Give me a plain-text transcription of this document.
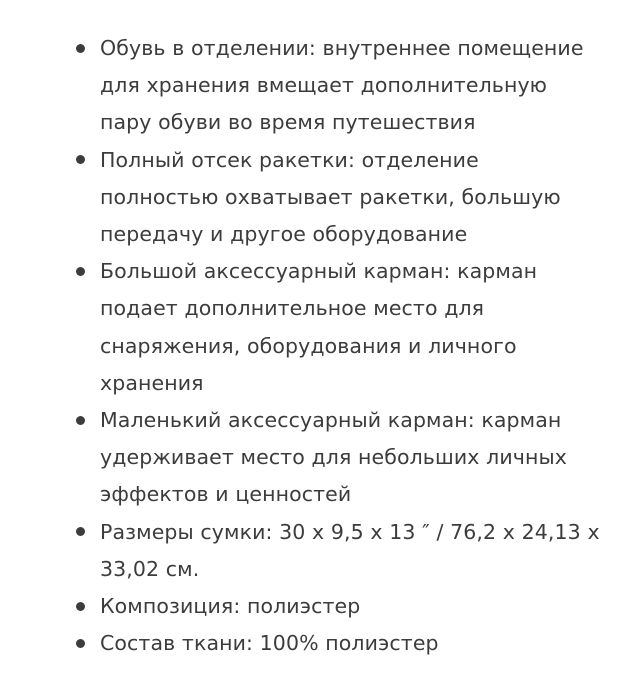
Обувь в отделении: внутреннее помещение для хранения вмещает дополнительную пару обуви во время путешествия
Полный отсек ракетки: отделение полностью охватывает ракетки, большую передачу и другое оборудование
Большой аксессуарный карман: карман подает дополнительное место для снаряжения, оборудования и личного хранения
Маленький аксессуарный карман: карман удерживает место для небольших личных эффектов и ценностей
Размеры сумки: 30 x 9,5 x 13 ″ / 76,2 x 24,13 x 33,02 см.
Композиция: полиэстер
Состав ткани: 100% полиэстер
